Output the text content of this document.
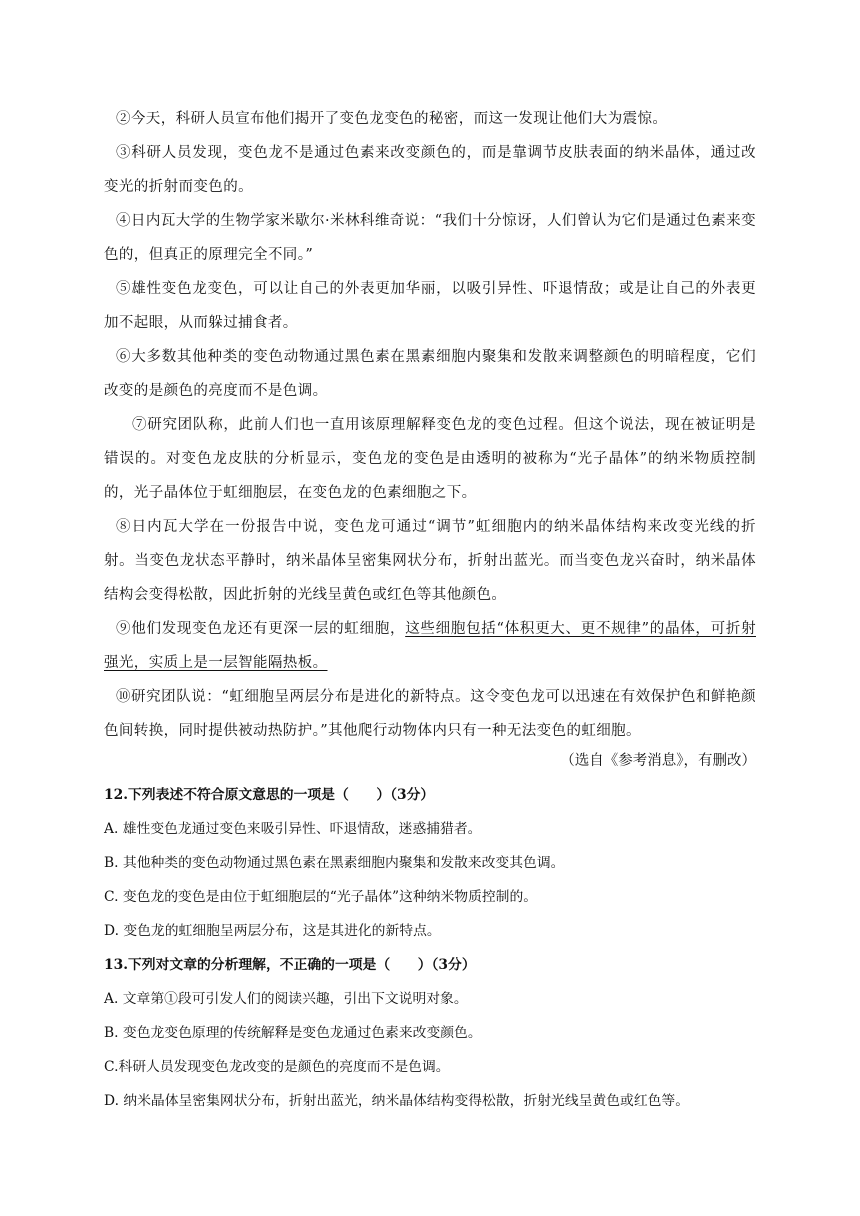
②今天，科研人员宣布他们揭开了变色龙变色的秘密，而这一发现让他们大为震惊。

③科研人员发现，变色龙不是通过色素来改变颜色的，而是靠调节皮肤表面的纳米晶体，通过改变光的折射而变色的。

④日内瓦大学的生物学家米歇尔·米林科维奇说：“我们十分惊讶，人们曾认为它们是通过色素来变色的，但真正的原理完全不同。”

⑤雄性变色龙变色，可以让自己的外表更加华丽，以吸引异性、吓退情敌；或是让自己的外表更加不起眼，从而躲过捕食者。

⑥大多数其他种类的变色动物通过黑色素在黑素细胞内聚集和发散来调整颜色的明暗程度，它们改变的是颜色的亮度而不是色调。

⑦研究团队称，此前人们也一直用该原理解释变色龙的变色过程。但这个说法，现在被证明是错误的。对变色龙皮肤的分析显示，变色龙的变色是由透明的被称为“光子晶体”的纳米物质控制的，光子晶体位于虹细胞层，在变色龙的色素细胞之下。

⑧日内瓦大学在一份报告中说，变色龙可通过“调节”虹细胞内的纳米晶体结构来改变光线的折射。当变色龙状态平静时，纳米晶体呈密集网状分布，折射出蓝光。而当变色龙兴奋时，纳米晶体结构会变得松散，因此折射的光线呈黄色或红色等其他颜色。

⑨他们发现变色龙还有更深一层的虹细胞，这些细胞包括“体积更大、更不规律”的晶体，可折射强光，实质上是一层智能隔热板。

⑩研究团队说：“虹细胞呈两层分布是进化的新特点。这令变色龙可以迅速在有效保护色和鲜艳颜色间转换，同时提供被动热防护。”其他爬行动物体内只有一种无法变色的虹细胞。

（选自《参考消息》，有删改）

12.下列表述不符合原文意思的一项是（　　）（3分）

A. 雄性变色龙通过变色来吸引异性、吓退情敌，迷惑捕猎者。

B. 其他种类的变色动物通过黑色素在黑素细胞内聚集和发散来改变其色调。

C. 变色龙的变色是由位于虹细胞层的“光子晶体”这种纳米物质控制的。

D. 变色龙的虹细胞呈两层分布，这是其进化的新特点。

13.下列对文章的分析理解，不正确的一项是（　　）（3分）

A. 文章第①段可引发人们的阅读兴趣，引出下文说明对象。

B. 变色龙变色原理的传统解释是变色龙通过色素来改变颜色。

C.科研人员发现变色龙改变的是颜色的亮度而不是色调。

D. 纳米晶体呈密集网状分布，折射出蓝光，纳米晶体结构变得松散，折射光线呈黄色或红色等。
